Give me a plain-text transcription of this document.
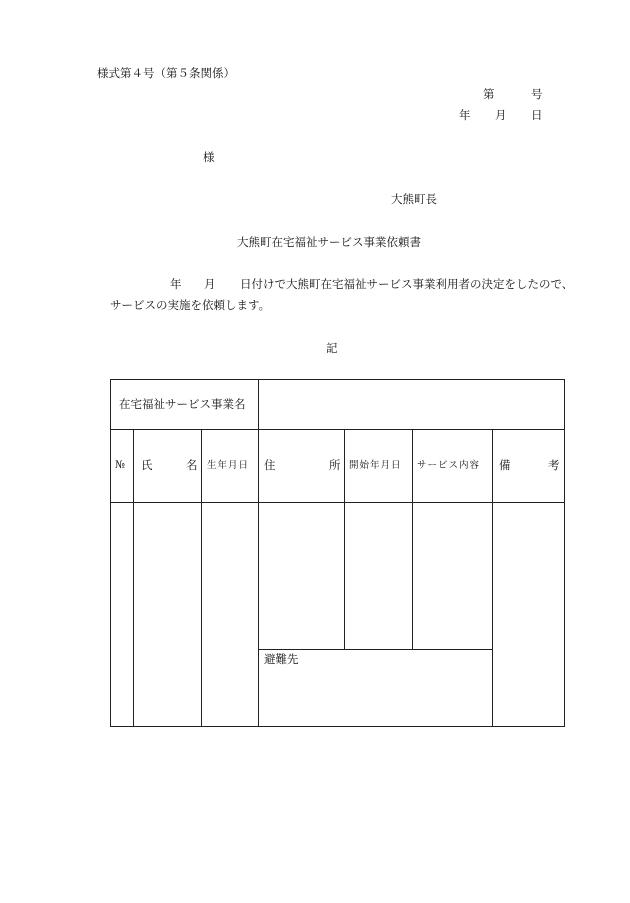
様式第４号（第５条関係）
第	号
年 月 日
様
大熊町長
大熊町在宅福祉サービス事業依頼書
年 月 日付けで大熊町在宅福祉サービス事業利用者の決定をしたので、
サービスの実施を依頼します。
記
在宅福祉サービス事業名
№ 氏	名 生年月日 住	所 開始年月日 サービス内容 備	考
避難先
